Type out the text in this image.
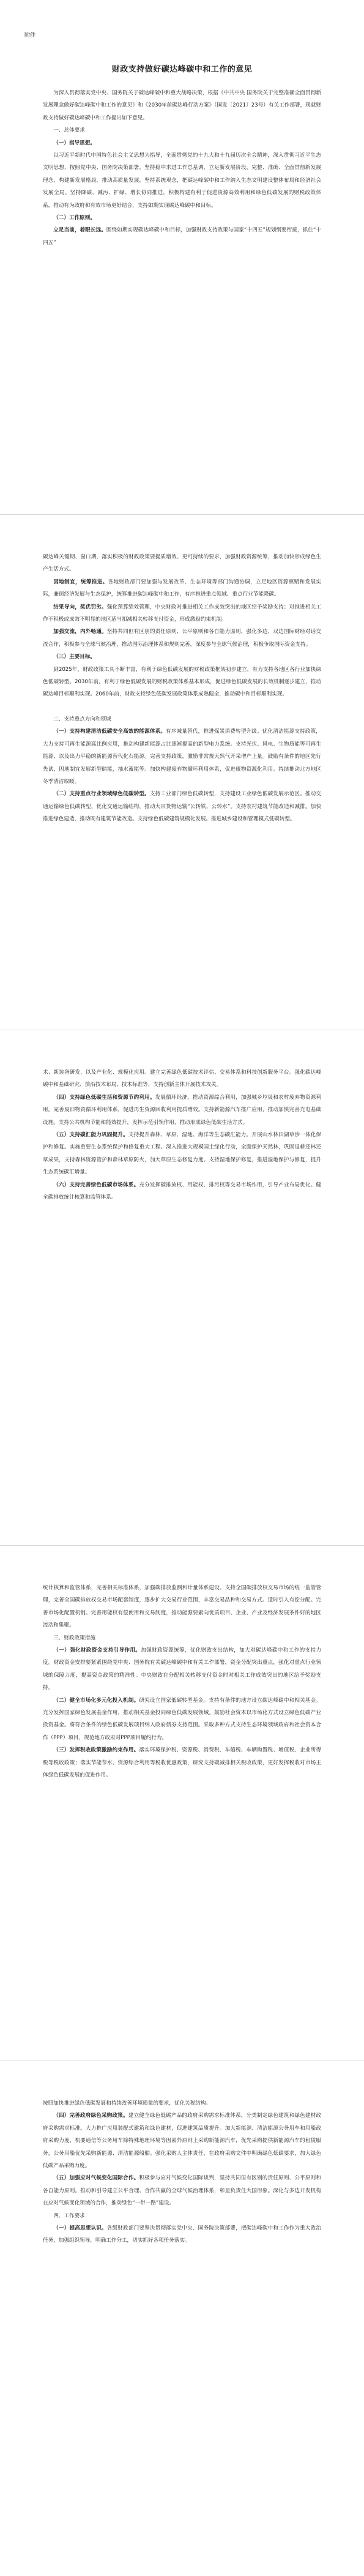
附件
财政支持做好碳达峰碳中和工作的意见

为深入贯彻落实党中央、国务院关于碳达峰碳中和重大战略决策，根据《中共中央 国务院关于完整准确全面贯彻新发展理念做好碳达峰碳中和工作的意见》和《2030年前碳达峰行动方案》（国发〔2021〕23号）有关工作部署，现就财政支持做好碳达峰碳中和工作提出如下意见。

一、总体要求

（一）指导思想。

以习近平新时代中国特色社会主义思想为指导，全面贯彻党的十九大和十九届历次全会精神，深入贯彻习近平生态文明思想，按照党中央、国务院决策部署，坚持稳中求进工作总基调，立足新发展阶段，完整、准确、全面贯彻新发展理念，构建新发展格局，推动高质量发展，坚持系统观念，把碳达峰碳中和工作纳入生态文明建设整体布局和经济社会发展全局。坚持降碳、减污、扩绿、增长协同推进，积极构建有利于促进资源高效利用和绿色低碳发展的财税政策体系，推动有为政府和有效市场更好结合，支持如期实现碳达峰碳中和目标。

（二）工作原则。

立足当前，着眼长远。围绕如期实现碳达峰碳中和目标，加强财政支持政策与国家“十四五”规划纲要衔接，抓住“十四五”

碳达峰关键期、窗口期，落实积极的财政政策要提质增效、更可持续的要求，加强财政资源统筹，推动加快形成绿色生产生活方式。

因地制宜，统筹推进。各地财政部门要加强与发展改革、生态环境等部门沟通协调，立足地区资源禀赋和发展实际，兼顾经济发展与生态保护，统筹推进碳达峰碳中和工作，有序推进重点领域、重点行业节能降碳。

结果导向，奖优罚劣。强化预算绩效管理，中央财政对推进相关工作成效突出的地区给予奖励支持；对推进相关工作不积极或成效不明显的地区适当扣减相关转移支付资金，形成激励约束机制。

加强交流，内外畅通。坚持共同但有区别的责任原则、公平原则和各自能力原则，强化多边、双边国际财经对话交流合作，积极参与全球气候治理，推动国际治理体系和规则完善，深度参与全球气候治理，积极争取国际资金支持。

（三）主要目标。

到2025年，财政政策工具不断丰富，有利于绿色低碳发展的财税政策框架初步建立，有力支持各地区各行业加快绿色低碳转型。2030年前，有利于绿色低碳发展的财税政策体系基本形成，促进绿色低碳发展的长效机制逐步建立，推动碳达峰目标顺利实现。2060年前，财政支持绿色低碳发展政策体系成熟健全，推动碳中和目标顺利实现。

二、支持重点方向和领域

（一）支持构建清洁低碳安全高效的能源体系。有序减量替代，推进煤炭消费转型升级。优化清洁能源支持政策，大力支持可再生能源高比例应用，推动构建新能源占比逐渐提高的新型电力系统。支持光伏、风电、生物质能等可再生能源，以及出力平稳的新能源替代化石能源。完善支持政策，激励非常规天然气开采增产上量。鼓励有条件的地区先行先试，因地制宜发展新型储能，抽水蓄能等。加快构建废弃物循环利用体系，促进废物资源化利用。持续推动北方地区冬季清洁取暖。

（二）支持重点行业领域绿色低碳转型。支持工业部门绿色低碳转型，支持建设工业绿色低碳发展示范区。推动交通运输绿色低碳转型，优化交通运输结构，推动大宗货物运输“公转铁、公转水”。支持农村建筑节能改造和减排。加快推进绿色建造，推动既有建筑节能改造。支持绿色低碳建筑规模化发展。推进城乡建设和管理模式低碳转型。

术、新装备研发，以及产业化、规模化应用。建立完善绿色低碳技术评估、交易体系和科技创新服务平台。强化碳达峰碳中和基础研究、前沿技术布局、技术标准等，支持创新主体开展技术攻关。

（四）支持绿色低碳生活和资源节约利用。发展循环经济，推动资源综合利用，加强城乡垃圾和农村废弃物资源利用。完善废旧物资循环利用体系，促进再生资源回收利用提质增效。支持新能源汽车推广应用，推动加快完善充电基础设施。支持公共机构节能和能效提升，发挥示范引领作用，推动形成绿色低碳生活方式。

（五）支持碳汇能力巩固提升。支持提升森林、草原、湿地、海洋等生态碳汇能力。开展山水林田湖草沙一体化保护和修复。实施重要生态系统保护和修复重大工程。深入推进大规模国土绿化行动，全面保护天然林，巩固退耕还林还草成果，支持森林资源管护和森林草原防火，加大草原生态修复力度。支持湿地保护修复，推进湿地保护与修复，提升生态系统碳汇增量。

（六）支持完善绿色低碳市场体系。充分发挥碳排放权、用能权、排污权等交易市场作用，引导产业布局优化。健全碳排放统计核算和监管体系。

统计核算和监管体系，完善相关标准体系，加强碳排放监测和计量体系建设。支持全国碳排放权交易市场的统一监管管理，完善全国碳排放权交易市场配套制度，逐步扩大交易行业范围，丰富交易品种和交易方式。适时引入有偿分配。完善市场化配置机制。完善用能权有偿使用和交易制度，推动能源要素向优质项目、企业、产业及经济发展条件好的地区流动和集聚。

三、财政政策措施

（一）强化财政资金支持引导作用。加强财政资源统筹，优化财政支出结构，加大对碳达峰碳中和工作的支持力度。财政资金安排要紧紧围绕党中央、国务院有关碳达峰碳中和有关工作部署，资金分配突出重点，强化对重点行业领域的保障力度，提高资金政策的精准性。中央财政在分配相关转移支付资金时对相关工作成效突出的地区给予奖励支持。

（二）健全市场化多元化投入机制。研究设立国家低碳转型基金。支持有条件的地方设立碳达峰碳中和相关基金。充分发挥国家绿色发展基金作用，推动相关基金投向绿色低碳发展领域。鼓励社会资本以市场化方式设立绿色低碳产业投资基金。将符合条件的绿色低碳发展项目纳入政府债券支持范围。采取多种方式支持生态环境领域政府和社会资本合作（PPP）项目，规范地方政府对PPP项目履约行为。

（三）发挥税收政策激励约束作用。落实环境保护税、资源税、消费税、车船税、车辆购置税、增值税、企业所得税等税收政策；落实节能节水、资源综合利用等税收优惠政策，研究支持碳减排相关税收政策，更好发挥税收对市场主体绿色低碳发展的促进作用。

按照加快推进绿色低碳发展和持续改善环境质量的要求，优化关税结构。

（四）完善政府绿色采购政策。建立健全绿色低碳产品的政府采购需求标准体系，分类制定绿色建筑和绿色建材政府采购需求标准。大力推广应用装配式建筑和绿色建材，促进建筑品质提升。加大新能源、清洁能源公务用车和用船政府采购力度，机要通信等公务用车除特殊地理环境等因素外原则上采购新能源汽车，优先采购提供新能源汽车的租赁服务，公务用船优先采购新能源、清洁能源船舶。强化采购人主体责任，在政府采购文件中明确绿色低碳要求，加大绿色低碳产品采购力度。

（五）加强应对气候变化国际合作。积极参与应对气候变化国际谈判，坚持共同但有区别的责任原则、公平原则和各自能力原则。推动和引导建立公平合理、合作共赢的全球气候治理体系，彰显负责任大国形象。深化与多边开发机构在应对气候变化领域的合作，推动绿色“一带一路”建设。

四、工作要求

（一）提高思想认识。各级财政部门要坚决贯彻落实党中央、国务院决策部署，把碳达峰碳中和工作作为重大政治任务，加强组织领导，明确工作分工，切实抓好各项任务落实。
